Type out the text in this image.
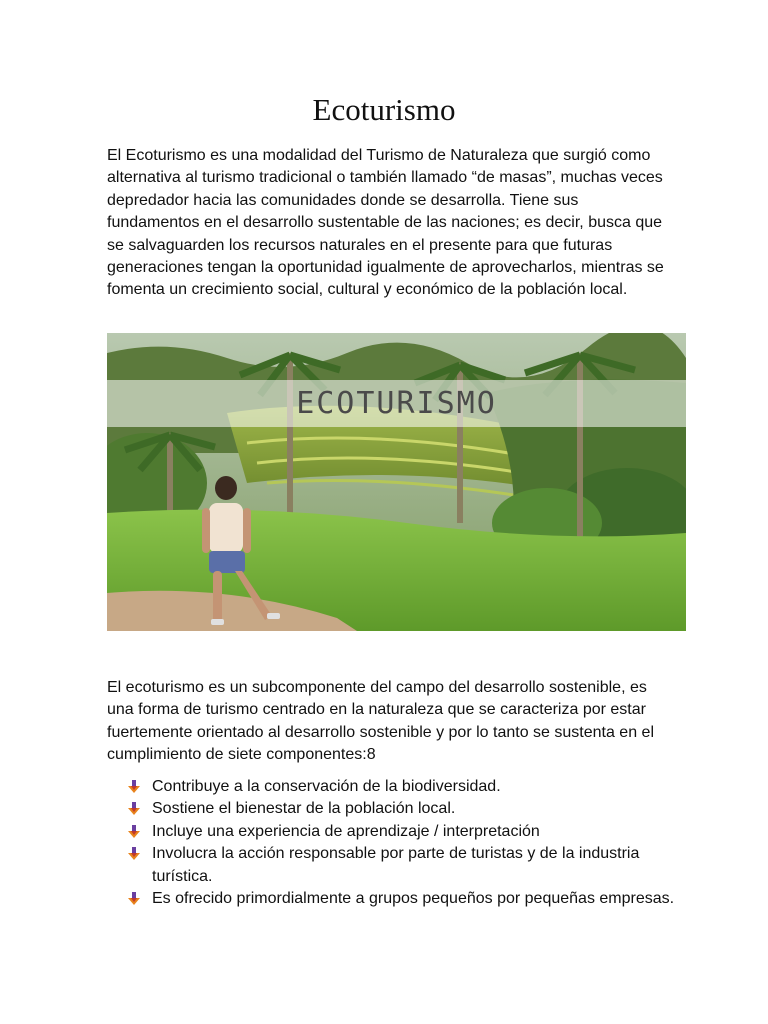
Ecoturismo

El Ecoturismo es una modalidad del Turismo de Naturaleza que surgió como alternativa al turismo tradicional o también llamado “de masas”, muchas veces depredador hacia las comunidades donde se desarrolla. Tiene sus fundamentos en el desarrollo sustentable de las naciones; es decir, busca que se salvaguarden los recursos naturales en el presente para que futuras generaciones tengan la oportunidad igualmente de aprovecharlos, mientras se fomenta un crecimiento social, cultural y económico de la población local.

ECOTURISMO

El ecoturismo es un subcomponente del campo del desarrollo sostenible, es una forma de turismo centrado en la naturaleza que se caracteriza por estar fuertemente orientado al desarrollo sostenible y por lo tanto se sustenta en el cumplimiento de siete componentes:8

Contribuye a la conservación de la biodiversidad.
Sostiene el bienestar de la población local.
Incluye una experiencia de aprendizaje / interpretación
Involucra la acción responsable por parte de turistas y de la industria turística.
Es ofrecido primordialmente a grupos pequeños por pequeñas empresas.
